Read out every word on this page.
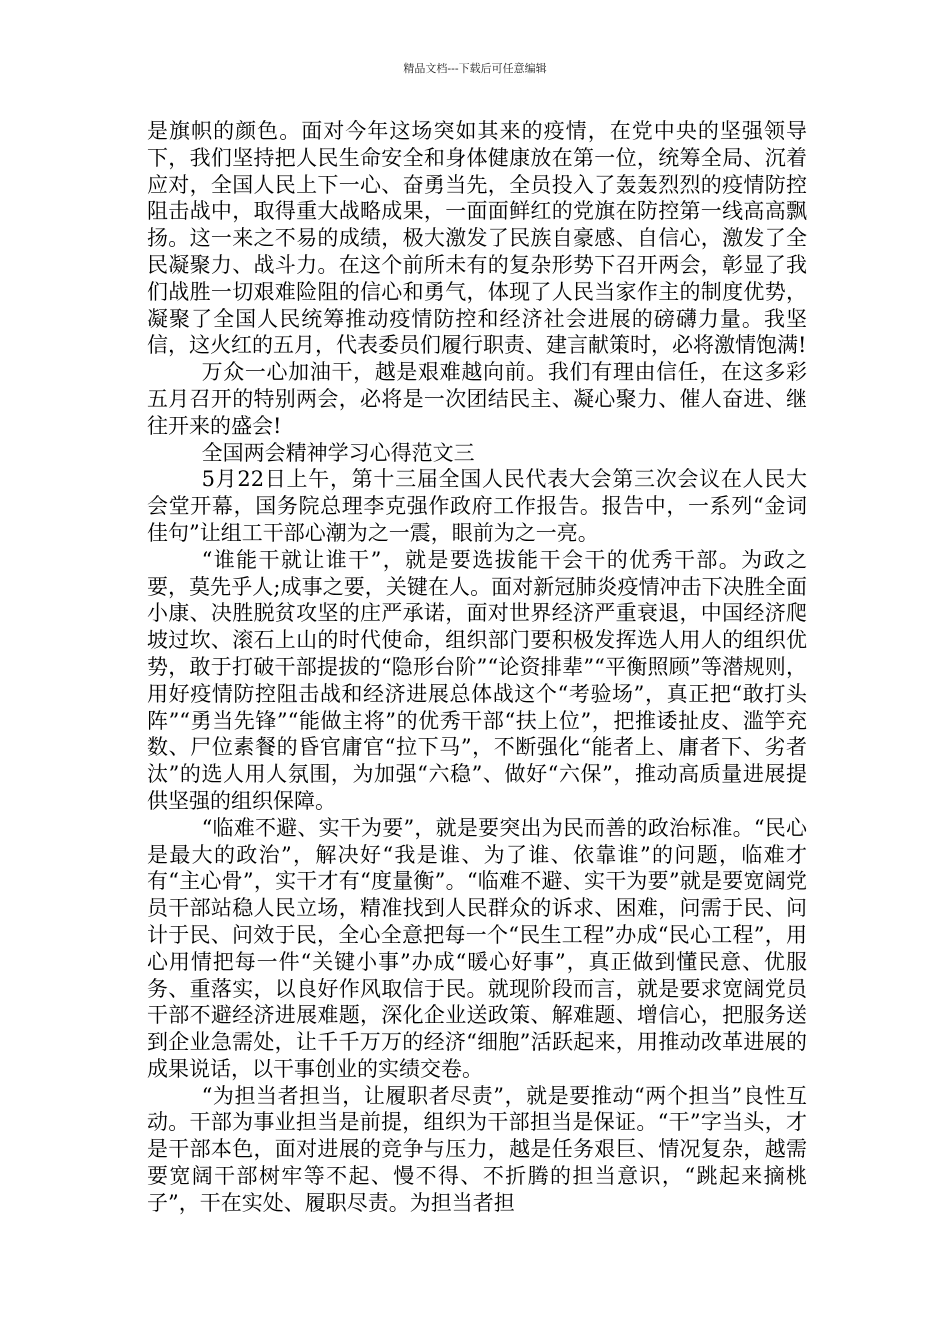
精品文档---下载后可任意编辑

是旗帜的颜色。面对今年这场突如其来的疫情，在党中央的坚强领导下，我们坚持把人民生命安全和身体健康放在第一位，统筹全局、沉着应对，全国人民上下一心、奋勇当先，全员投入了轰轰烈烈的疫情防控阻击战中，取得重大战略成果，一面面鲜红的党旗在防控第一线高高飘扬。这一来之不易的成绩，极大激发了民族自豪感、自信心，激发了全民凝聚力、战斗力。在这个前所未有的复杂形势下召开两会，彰显了我们战胜一切艰难险阻的信心和勇气，体现了人民当家作主的制度优势，凝聚了全国人民统筹推动疫情防控和经济社会进展的磅礴力量。我坚信，这火红的五月，代表委员们履行职责、建言献策时，必将激情饱满!

万众一心加油干，越是艰难越向前。我们有理由信任，在这多彩五月召开的特别两会，必将是一次团结民主、凝心聚力、催人奋进、继往开来的盛会!

全国两会精神学习心得范文三

5月22日上午，第十三届全国人民代表大会第三次会议在人民大会堂开幕，国务院总理李克强作政府工作报告。报告中，一系列“金词佳句”让组工干部心潮为之一震，眼前为之一亮。

“谁能干就让谁干”，就是要选拔能干会干的优秀干部。为政之要，莫先乎人;成事之要，关键在人。面对新冠肺炎疫情冲击下决胜全面小康、决胜脱贫攻坚的庄严承诺，面对世界经济严重衰退，中国经济爬坡过坎、滚石上山的时代使命，组织部门要积极发挥选人用人的组织优势，敢于打破干部提拔的“隐形台阶”“论资排辈”“平衡照顾”等潜规则，用好疫情防控阻击战和经济进展总体战这个“考验场”，真正把“敢打头阵”“勇当先锋”“能做主将”的优秀干部“扶上位”，把推诿扯皮、滥竽充数、尸位素餐的昏官庸官“拉下马”，不断强化“能者上、庸者下、劣者汰”的选人用人氛围，为加强“六稳”、做好“六保”，推动高质量进展提供坚强的组织保障。

“临难不避、实干为要”，就是要突出为民而善的政治标准。“民心是最大的政治”，解决好“我是谁、为了谁、依靠谁”的问题，临难才有“主心骨”，实干才有“度量衡”。“临难不避、实干为要”就是要宽阔党员干部站稳人民立场，精准找到人民群众的诉求、困难，问需于民、问计于民、问效于民，全心全意把每一个“民生工程”办成“民心工程”，用心用情把每一件“关键小事”办成“暖心好事”，真正做到懂民意、优服务、重落实，以良好作风取信于民。就现阶段而言，就是要求宽阔党员干部不避经济进展难题，深化企业送政策、解难题、增信心，把服务送到企业急需处，让千千万万的经济“细胞”活跃起来，用推动改革进展的成果说话，以干事创业的实绩交卷。

“为担当者担当，让履职者尽责”，就是要推动“两个担当”良性互动。干部为事业担当是前提，组织为干部担当是保证。“干”字当头，才是干部本色，面对进展的竞争与压力，越是任务艰巨、情况复杂，越需要宽阔干部树牢等不起、慢不得、不折腾的担当意识，“跳起来摘桃子”，干在实处、履职尽责。为担当者担
